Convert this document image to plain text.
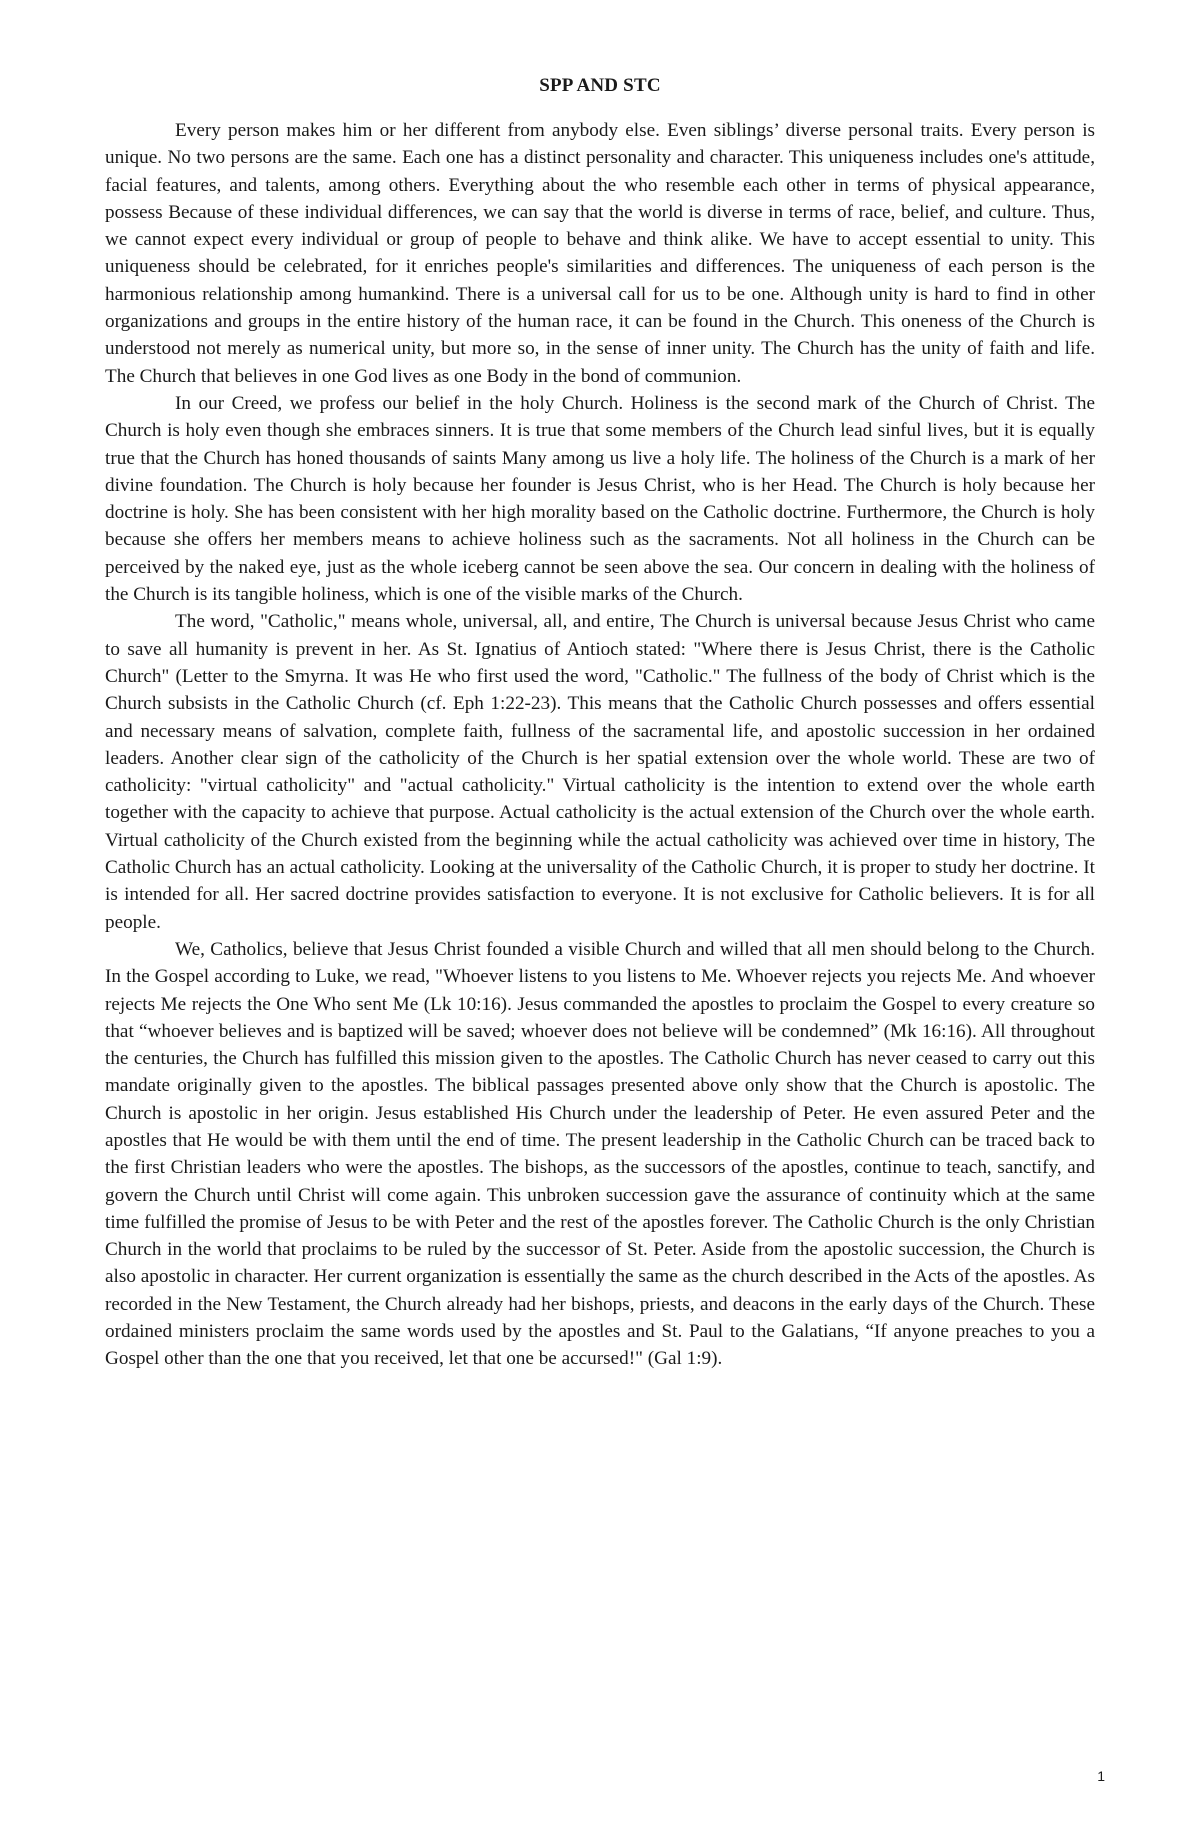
SPP AND STC

Every person makes him or her different from anybody else. Even siblings’ diverse personal traits. Every person is unique. No two persons are the same. Each one has a distinct personality and character. This uniqueness includes one's attitude, facial features, and talents, among others. Everything about the who resemble each other in terms of physical appearance, possess Because of these individual differences, we can say that the world is diverse in terms of race, belief, and culture. Thus, we cannot expect every individual or group of people to behave and think alike. We have to accept essential to unity. This uniqueness should be celebrated, for it enriches people's similarities and differences. The uniqueness of each person is the harmonious relationship among humankind. There is a universal call for us to be one. Although unity is hard to find in other organizations and groups in the entire history of the human race, it can be found in the Church. This oneness of the Church is understood not merely as numerical unity, but more so, in the sense of inner unity. The Church has the unity of faith and life. The Church that believes in one God lives as one Body in the bond of communion.

In our Creed, we profess our belief in the holy Church. Holiness is the second mark of the Church of Christ. The Church is holy even though she embraces sinners. It is true that some members of the Church lead sinful lives, but it is equally true that the Church has honed thousands of saints Many among us live a holy life. The holiness of the Church is a mark of her divine foundation. The Church is holy because her founder is Jesus Christ, who is her Head. The Church is holy because her doctrine is holy. She has been consistent with her high morality based on the Catholic doctrine. Furthermore, the Church is holy because she offers her members means to achieve holiness such as the sacraments. Not all holiness in the Church can be perceived by the naked eye, just as the whole iceberg cannot be seen above the sea. Our concern in dealing with the holiness of the Church is its tangible holiness, which is one of the visible marks of the Church.

The word, "Catholic," means whole, universal, all, and entire, The Church is universal because Jesus Christ who came to save all humanity is prevent in her. As St. Ignatius of Antioch stated: "Where there is Jesus Christ, there is the Catholic Church" (Letter to the Smyrna. It was He who first used the word, "Catholic." The fullness of the body of Christ which is the Church subsists in the Catholic Church (cf. Eph 1:22-23). This means that the Catholic Church possesses and offers essential and necessary means of salvation, complete faith, fullness of the sacramental life, and apostolic succession in her ordained leaders. Another clear sign of the catholicity of the Church is her spatial extension over the whole world. These are two of catholicity: "virtual catholicity" and "actual catholicity." Virtual catholicity is the intention to extend over the whole earth together with the capacity to achieve that purpose. Actual catholicity is the actual extension of the Church over the whole earth. Virtual catholicity of the Church existed from the beginning while the actual catholicity was achieved over time in history, The Catholic Church has an actual catholicity. Looking at the universality of the Catholic Church, it is proper to study her doctrine. It is intended for all. Her sacred doctrine provides satisfaction to everyone. It is not exclusive for Catholic believers. It is for all people.

We, Catholics, believe that Jesus Christ founded a visible Church and willed that all men should belong to the Church. In the Gospel according to Luke, we read, "Whoever listens to you listens to Me. Whoever rejects you rejects Me. And whoever rejects Me rejects the One Who sent Me (Lk 10:16). Jesus commanded the apostles to proclaim the Gospel to every creature so that “whoever believes and is baptized will be saved; whoever does not believe will be condemned” (Mk 16:16). All throughout the centuries, the Church has fulfilled this mission given to the apostles. The Catholic Church has never ceased to carry out this mandate originally given to the apostles. The biblical passages presented above only show that the Church is apostolic. The Church is apostolic in her origin. Jesus established His Church under the leadership of Peter. He even assured Peter and the apostles that He would be with them until the end of time. The present leadership in the Catholic Church can be traced back to the first Christian leaders who were the apostles. The bishops, as the successors of the apostles, continue to teach, sanctify, and govern the Church until Christ will come again. This unbroken succession gave the assurance of continuity which at the same time fulfilled the promise of Jesus to be with Peter and the rest of the apostles forever. The Catholic Church is the only Christian Church in the world that proclaims to be ruled by the successor of St. Peter. Aside from the apostolic succession, the Church is also apostolic in character. Her current organization is essentially the same as the church described in the Acts of the apostles. As recorded in the New Testament, the Church already had her bishops, priests, and deacons in the early days of the Church. These ordained ministers proclaim the same words used by the apostles and St. Paul to the Galatians, “If anyone preaches to you a Gospel other than the one that you received, let that one be accursed!" (Gal 1:9).

1
